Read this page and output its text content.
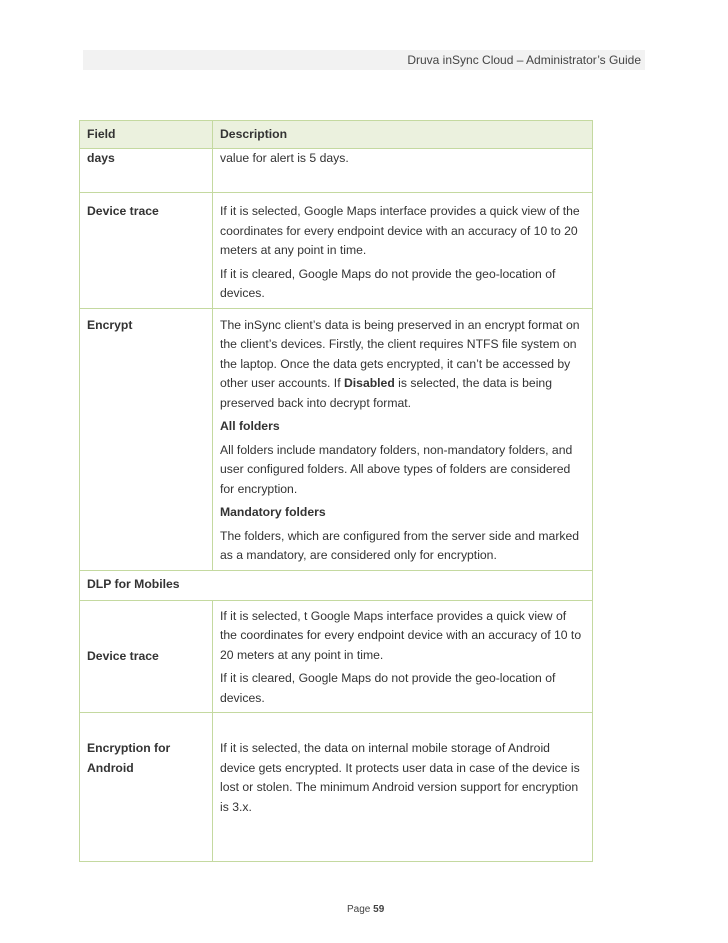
Druva inSync Cloud – Administrator’s Guide
Field	Description
days	value for alert is 5 days.

Device trace	If it is selected, Google Maps interface provides a quick view of the coordinates for every endpoint device with an accuracy of 10 to 20 meters at any point in time.

If it is cleared, Google Maps do not provide the geo-location of devices.

Encrypt	The inSync client’s data is being preserved in an encrypt format on the client’s devices. Firstly, the client requires NTFS file system on the laptop. Once the data gets encrypted, it can’t be accessed by other user accounts. If Disabled is selected, the data is being preserved back into decrypt format.

All folders

All folders include mandatory folders, non-mandatory folders, and user configured folders. All above types of folders are considered for encryption.

Mandatory folders

The folders, which are configured from the server side and marked as a mandatory, are considered only for encryption.

DLP for Mobiles	
Device trace	If it is selected, t Google Maps interface provides a quick view of the coordinates for every endpoint device with an accuracy of 10 to 20 meters at any point in time.

If it is cleared, Google Maps do not provide the geo-location of devices.

Encryption for Android	If it is selected, the data on internal mobile storage of Android device gets encrypted. It protects user data in case of the device is lost or stolen. The minimum Android version support for encryption is 3.x.

Page 59
